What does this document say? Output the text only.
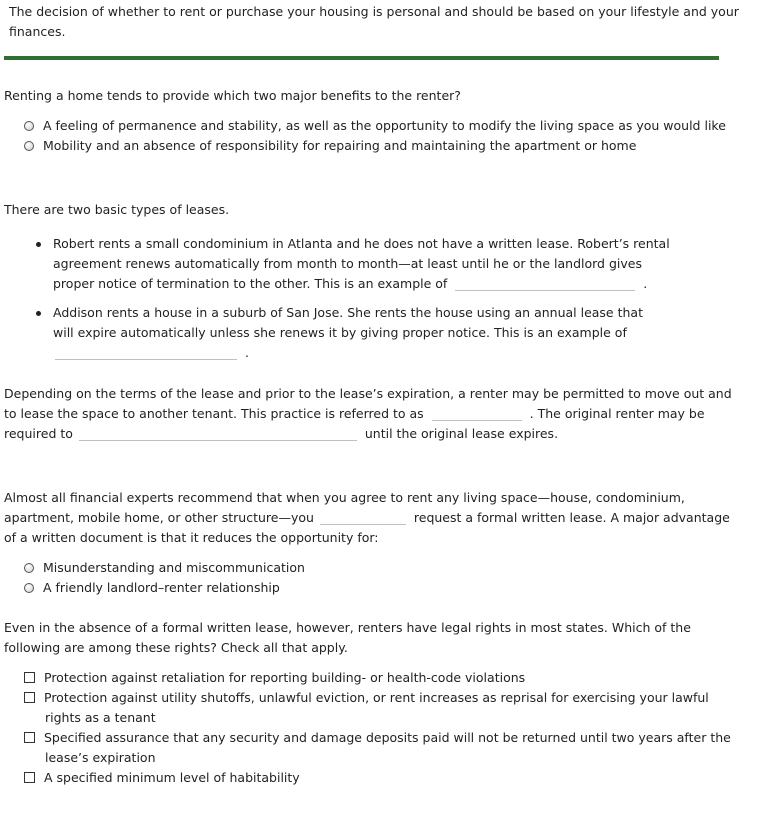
The decision of whether to rent or purchase your housing is personal and should be based on your lifestyle and your
finances.

Renting a home tends to provide which two major benefits to the renter?

A feeling of permanence and stability, as well as the opportunity to modify the living space as you would like
Mobility and an absence of responsibility for repairing and maintaining the apartment or home

There are two basic types of leases.

Robert rents a small condominium in Atlanta and he does not have a written lease. Robert’s rental
agreement renews automatically from month to month—at least until he or the landlord gives
proper notice of termination to the other. This is an example of	.
Addison rents a house in a suburb of San Jose. She rents the house using an annual lease that
will expire automatically unless she renews it by giving proper notice. This is an example of
.
Depending on the terms of the lease and prior to the lease’s expiration, a renter may be permitted to move out and
to lease the space to another tenant. This practice is referred to as	. The original renter may be
required to	until the original lease expires.
Almost all financial experts recommend that when you agree to rent any living space—house, condominium,
apartment, mobile home, or other structure—you	request a formal written lease. A major advantage
of a written document is that it reduces the opportunity for:
Misunderstanding and miscommunication
A friendly landlord–renter relationship
Even in the absence of a formal written lease, however, renters have legal rights in most states. Which of the
following are among these rights? Check all that apply.
Protection against retaliation for reporting building- or health-code violations
Protection against utility shutoffs, unlawful eviction, or rent increases as reprisal for exercising your lawful
rights as a tenant
Specified assurance that any security and damage deposits paid will not be returned until two years after the
lease’s expiration
A specified minimum level of habitability
